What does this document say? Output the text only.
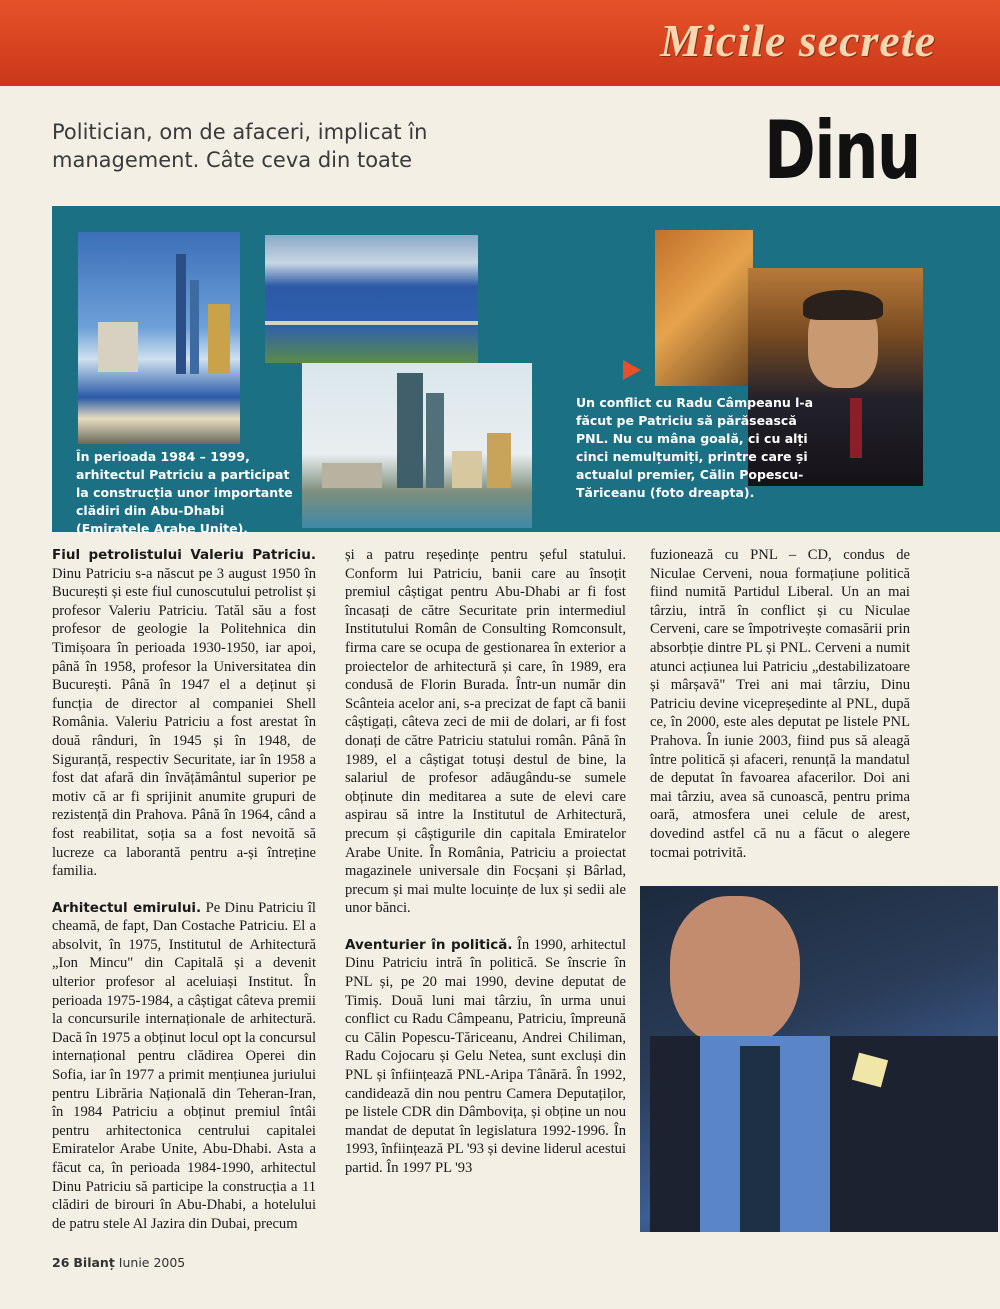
Micile secrete
Politician, om de afaceri, implicat în management. Câte ceva din toate	Dinu
În perioada 1984 – 1999, arhitectul Patriciu a participat la construcția unor importante clădiri din Abu-Dhabi (Emiratele Arabe Unite).
Un conflict cu Radu Câmpeanu l-a făcut pe Patriciu să părăsească PNL. Nu cu mâna goală, ci cu alți cinci nemulțumiți, printre care și actualul premier, Călin Popescu-Tăriceanu (foto dreapta).

Fiul petrolistului Valeriu Patriciu. Dinu Patriciu s-a născut pe 3 august 1950 în București și este fiul cunoscutului petrolist și profesor Valeriu Patriciu. Tatăl său a fost profesor de geologie la Politehnica din Timișoara în perioada 1930-1950, iar apoi, până în 1958, profesor la Universitatea din București. Până în 1947 el a deținut și funcția de director al companiei Shell România. Valeriu Patriciu a fost arestat în două rânduri, în 1945 și în 1948, de Siguranță, respectiv Securitate, iar în 1958 a fost dat afară din învățământul superior pe motiv că ar fi sprijinit anumite grupuri de rezistență din Prahova. Până în 1964, când a fost reabilitat, soția sa a fost nevoită să lucreze ca laborantă pentru a-și întreține familia.

Arhitectul emirului. Pe Dinu Patriciu îl cheamă, de fapt, Dan Costache Patriciu. El a absolvit, în 1975, Institutul de Arhitectură „Ion Mincu" din Capitală și a devenit ulterior profesor al aceluiași Institut. În perioada 1975-1984, a câștigat câteva premii la concursurile internaționale de arhitectură. Dacă în 1975 a obținut locul opt la concursul internațional pentru clădirea Operei din Sofia, iar în 1977 a primit mențiunea juriului pentru Librăria Națională din Teheran-Iran, în 1984 Patriciu a obținut premiul întâi pentru arhitectonica centrului capitalei Emiratelor Arabe Unite, Abu-Dhabi. Asta a făcut ca, în perioada 1984-1990, arhitectul Dinu Patriciu să participe la construcția a 11 clădiri de birouri în Abu-Dhabi, a hotelului de patru stele Al Jazira din Dubai, precum

și a patru reședințe pentru șeful statului. Conform lui Patriciu, banii care au însoțit premiul câștigat pentru Abu-Dhabi ar fi fost încasați de către Securitate prin intermediul Institutului Român de Consulting Romconsult, firma care se ocupa de gestionarea în exterior a proiectelor de arhitectură și care, în 1989, era condusă de Florin Burada. Într-un număr din Scânteia acelor ani, s-a precizat de fapt că banii câștigați, câteva zeci de mii de dolari, ar fi fost donați de către Patriciu statului român. Până în 1989, el a câștigat totuși destul de bine, la salariul de profesor adăugându-se sumele obținute din meditarea a sute de elevi care aspirau să intre la Institutul de Arhitectură, precum și câștigurile din capitala Emiratelor Arabe Unite. În România, Patriciu a proiectat magazinele universale din Focșani și Bârlad, precum și mai multe locuințe de lux și sedii ale unor bănci.

Aventurier în politică. În 1990, arhitectul Dinu Patriciu intră în politică. Se înscrie în PNL și, pe 20 mai 1990, devine deputat de Timiș. Două luni mai târziu, în urma unui conflict cu Radu Câmpeanu, Patriciu, împreună cu Călin Popescu-Tăriceanu, Andrei Chiliman, Radu Cojocaru și Gelu Netea, sunt excluși din PNL și înființează PNL-Aripa Tânără. În 1992, candidează din nou pentru Camera Deputaților, pe listele CDR din Dâmbovița, și obține un nou mandat de deputat în legislatura 1992-1996. În 1993, înființează PL '93 și devine liderul acestui partid. În 1997 PL '93

fuzionează cu PNL – CD, condus de Niculae Cerveni, noua formațiune politică fiind numită Partidul Liberal. Un an mai târziu, intră în conflict și cu Niculae Cerveni, care se împotrivește comasării prin absorbție dintre PL și PNL. Cerveni a numit atunci acțiunea lui Patriciu „destabilizatoare și mârșavă" Trei ani mai târziu, Dinu Patriciu devine vicepreședinte al PNL, după ce, în 2000, este ales deputat pe listele PNL Prahova. În iunie 2003, fiind pus să aleagă între politică și afaceri, renunță la mandatul de deputat în favoarea afacerilor. Doi ani mai târziu, avea să cunoască, pentru prima oară, atmosfera unei celule de arest, dovedind astfel că nu a făcut o alegere tocmai potrivită.

26 Bilanț Iunie 2005
